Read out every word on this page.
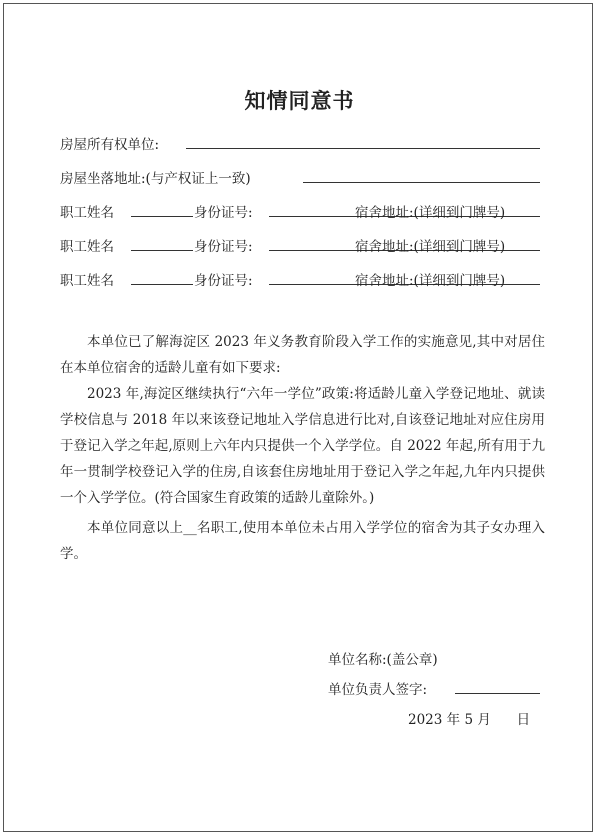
知情同意书
房屋所有权单位:
房屋坐落地址:(与产权证上一致)
职工姓名	身份证号:	宿舍地址:(详细到门牌号)
职工姓名	身份证号:	宿舍地址:(详细到门牌号)
职工姓名	身份证号:	宿舍地址:(详细到门牌号)

本单位已了解海淀区 2023 年义务教育阶段入学工作的实施意见,其中对居住在本单位宿舍的适龄儿童有如下要求:

2023 年,海淀区继续执行“六年一学位”政策:将适龄儿童入学登记地址、就读学校信息与 2018 年以来该登记地址入学信息进行比对,自该登记地址对应住房用于登记入学之年起,原则上六年内只提供一个入学学位。自 2022 年起,所有用于九年一贯制学校登记入学的住房,自该套住房地址用于登记入学之年起,九年内只提供一个入学学位。(符合国家生育政策的适龄儿童除外。)

本单位同意以上__名职工,使用本单位未占用入学学位的宿舍为其子女办理入学。

单位名称:(盖公章)
单位负责人签字:
2023 年 5 月      日
